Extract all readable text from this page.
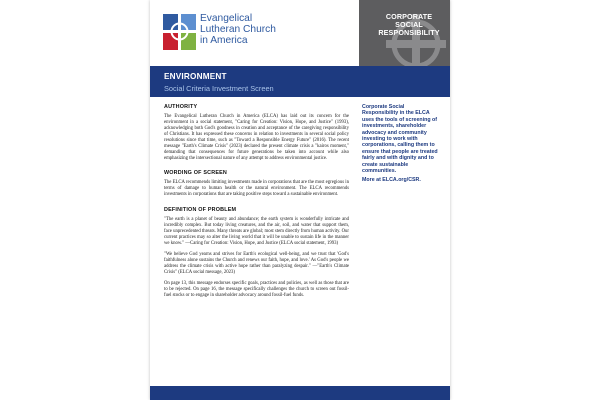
Evangelical
Lutheran Church
in America
CORPORATE
SOCIAL
RESPONSIBILITY
ENVIRONMENT
Social Criteria Investment Screen
AUTHORITY

The Evangelical Lutheran Church in America (ELCA) has laid out its concern for the environment in a social statement, "Caring for Creation: Vision, Hope, and Justice" (1993), acknowledging both God's goodness in creation and acceptance of the caregiving responsibility of Christians. It has expressed these concerns in relation to investments in several social policy resolutions since that time, such as "Toward a Responsible Energy Future" (2016). The recent message "Earth's Climate Crisis" (2023) declared the present climate crisis a "kairos moment," demanding that consequences for future generations be taken into account while also emphasizing the intersectional nature of any attempt to address environmental justice.

WORDING OF SCREEN

The ELCA recommends limiting investments made in corporations that are the most egregious in terms of damage to human health or the natural environment. The ELCA recommends investments in corporations that are taking positive steps toward a sustainable environment.

DEFINITION OF PROBLEM

"The earth is a planet of beauty and abundance; the earth system is wonderfully intricate and incredibly complex. But today living creatures, and the air, soil, and water that support them, face unprecedented threats. Many threats are global; most stem directly from human activity. Our current practices may so alter the living world that it will be unable to sustain life in the manner we know." —Caring for Creation: Vision, Hope, and Justice (ELCA social statement, 1993)

"We believe God yearns and strives for Earth's ecological well-being, and we trust that 'God's faithfulness alone sustains the Church and renews our faith, hope, and love.' As God's people we address the climate crisis with active hope rather than paralyzing despair." —"Earth's Climate Crisis" (ELCA social message, 2023)

On page 13, this message endorses specific goals, practices and policies, as well as those that are to be rejected. On page 16, the message specifically challenges the church to screen out fossil-fuel stocks or to engage in shareholder advocacy around fossil-fuel funds.

Corporate Social Responsibility in the ELCA uses the tools of screening of investments, shareholder advocacy and community investing to work with corporations, calling them to ensure that people are treated fairly and with dignity and to create sustainable communities.

More at ELCA.org/CSR.
